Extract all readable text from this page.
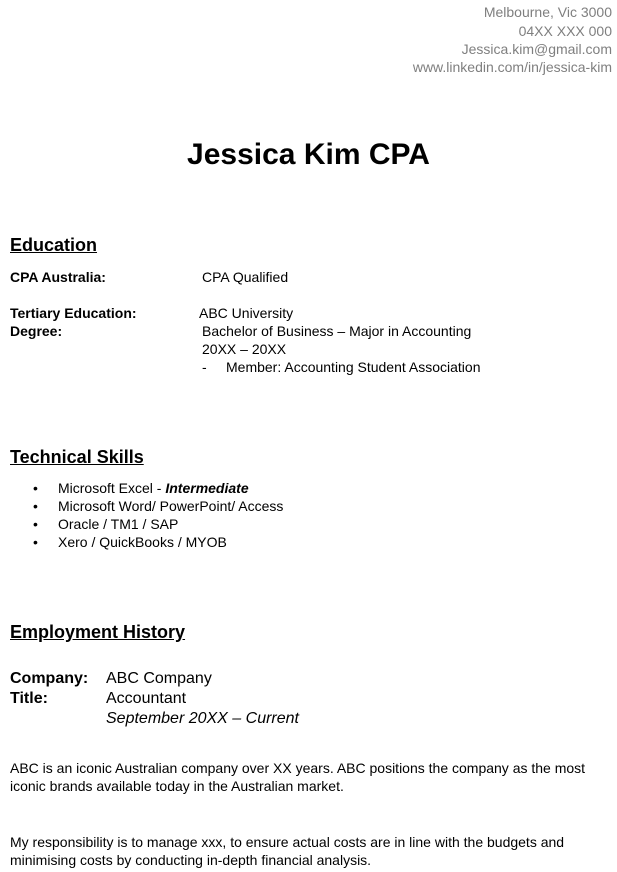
Melbourne, Vic 3000
04XX XXX 000
Jessica.kim@gmail.com
www.linkedin.com/in/jessica-kim
Jessica Kim CPA
Education
CPA Australia:	CPA Qualified
Tertiary Education:	ABC University
Degree:	Bachelor of Business – Major in Accounting
20XX – 20XX
- Member: Accounting Student Association
Technical Skills
• Microsoft Excel - Intermediate
• Microsoft Word/ PowerPoint/ Access
• Oracle / TM1 / SAP
• Xero / QuickBooks / MYOB
Employment History
Company: ABC Company
Title:	Accountant
September 20XX – Current
ABC is an iconic Australian company over XX years. ABC positions the company as the most iconic brands available today in the Australian market.
My responsibility is to manage xxx, to ensure actual costs are in line with the budgets and minimising costs by conducting in-depth financial analysis.
